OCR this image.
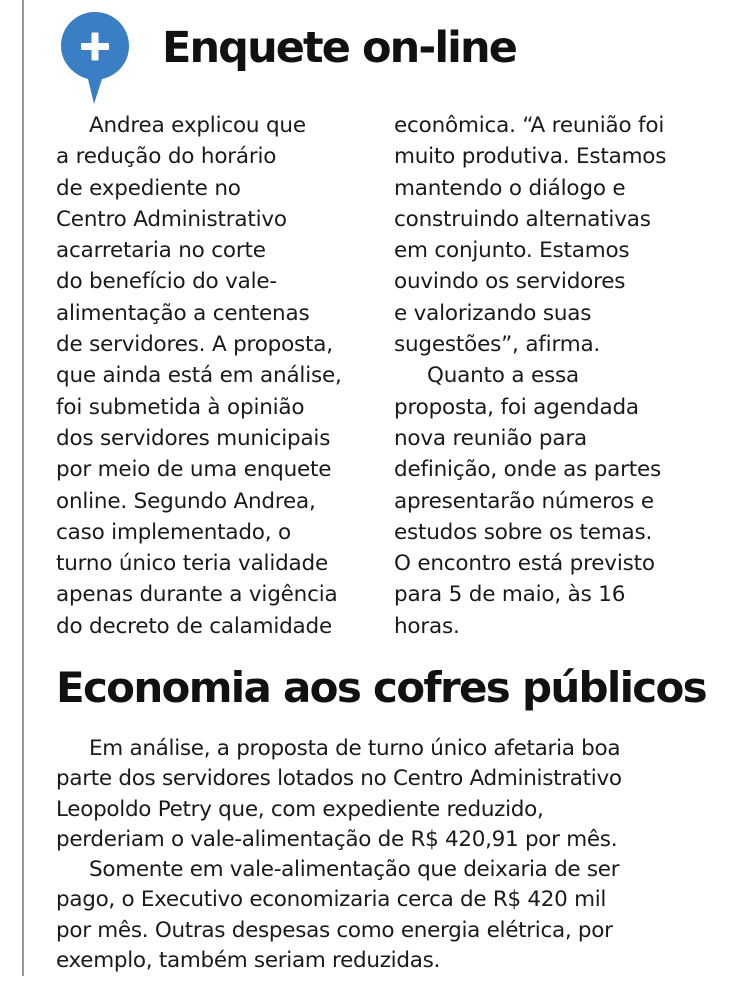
Enquete on-line
Andrea explicou que
a redução do horário
de expediente no
Centro Administrativo
acarretaria no corte
do benefício do vale-
alimentação a centenas
de servidores. A proposta,
que ainda está em análise,
foi submetida à opinião
dos servidores municipais
por meio de uma enquete
online. Segundo Andrea,
caso implementado, o
turno único teria validade
apenas durante a vigência
do decreto de calamidade
econômica. “A reunião foi
muito produtiva. Estamos
mantendo o diálogo e
construindo alternativas
em conjunto. Estamos
ouvindo os servidores
e valorizando suas
sugestões”, afirma.
Quanto a essa
proposta, foi agendada
nova reunião para
definição, onde as partes
apresentarão números e
estudos sobre os temas.
O encontro está previsto
para 5 de maio, às 16
horas.
Economia aos cofres públicos
Em análise, a proposta de turno único afetaria boa
parte dos servidores lotados no Centro Administrativo
Leopoldo Petry que, com expediente reduzido,
perderiam o vale-alimentação de R$ 420,91 por mês.
Somente em vale-alimentação que deixaria de ser
pago, o Executivo economizaria cerca de R$ 420 mil
por mês. Outras despesas como energia elétrica, por
exemplo, também seriam reduzidas.
